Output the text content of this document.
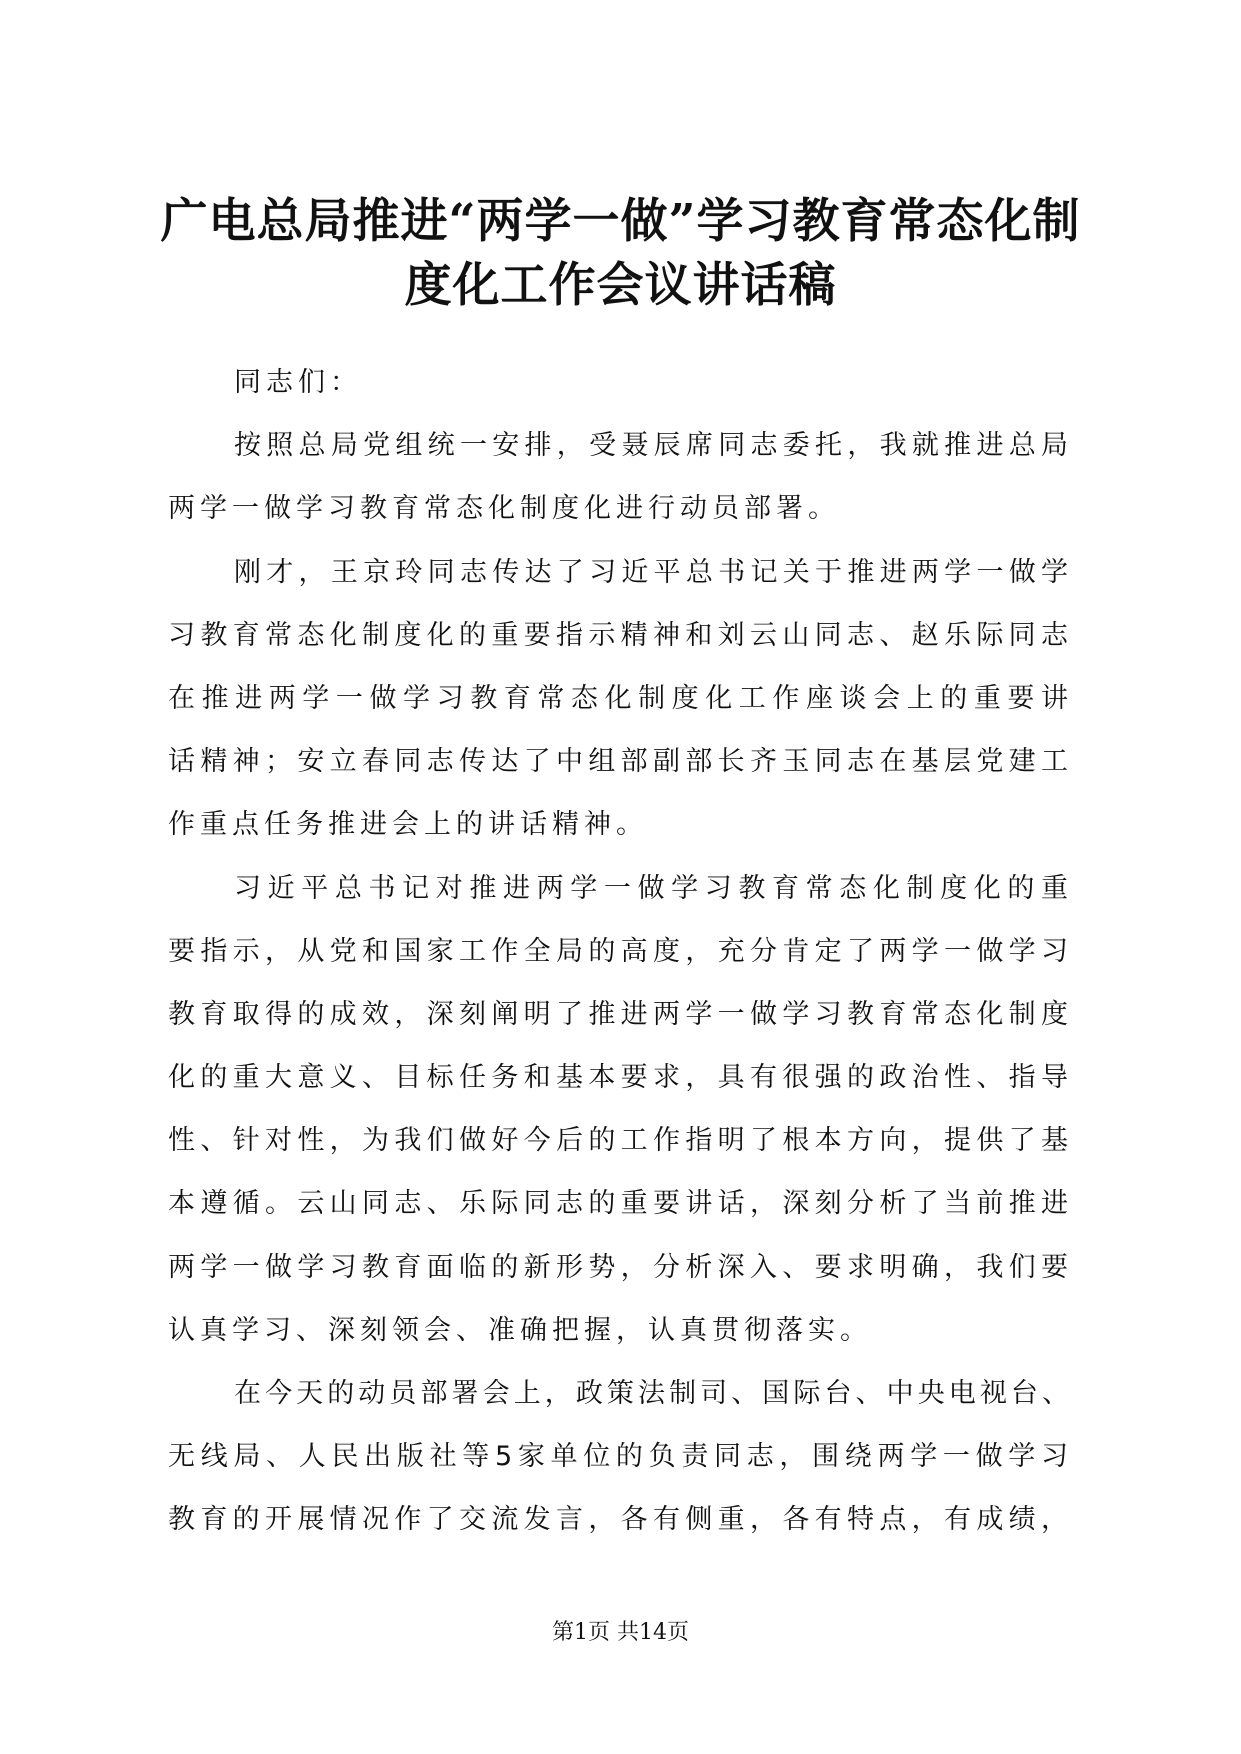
广电总局推进“两学一做”学习教育常态化制
度化工作会议讲话稿
同志们：
按照总局党组统一安排，受聂辰席同志委托，我就推进总局
两学一做学习教育常态化制度化进行动员部署。
刚才，王京玲同志传达了习近平总书记关于推进两学一做学
习教育常态化制度化的重要指示精神和刘云山同志、赵乐际同志
在推进两学一做学习教育常态化制度化工作座谈会上的重要讲
话精神；安立春同志传达了中组部副部长齐玉同志在基层党建工
作重点任务推进会上的讲话精神。
习近平总书记对推进两学一做学习教育常态化制度化的重
要指示，从党和国家工作全局的高度，充分肯定了两学一做学习
教育取得的成效，深刻阐明了推进两学一做学习教育常态化制度
化的重大意义、目标任务和基本要求，具有很强的政治性、指导
性、针对性，为我们做好今后的工作指明了根本方向，提供了基
本遵循。云山同志、乐际同志的重要讲话，深刻分析了当前推进
两学一做学习教育面临的新形势，分析深入、要求明确，我们要
认真学习、深刻领会、准确把握，认真贯彻落实。
在今天的动员部署会上，政策法制司、国际台、中央电视台、
无线局、人民出版社等5家单位的负责同志，围绕两学一做学习
教育的开展情况作了交流发言，各有侧重，各有特点，有成绩，
第1页 共14页
